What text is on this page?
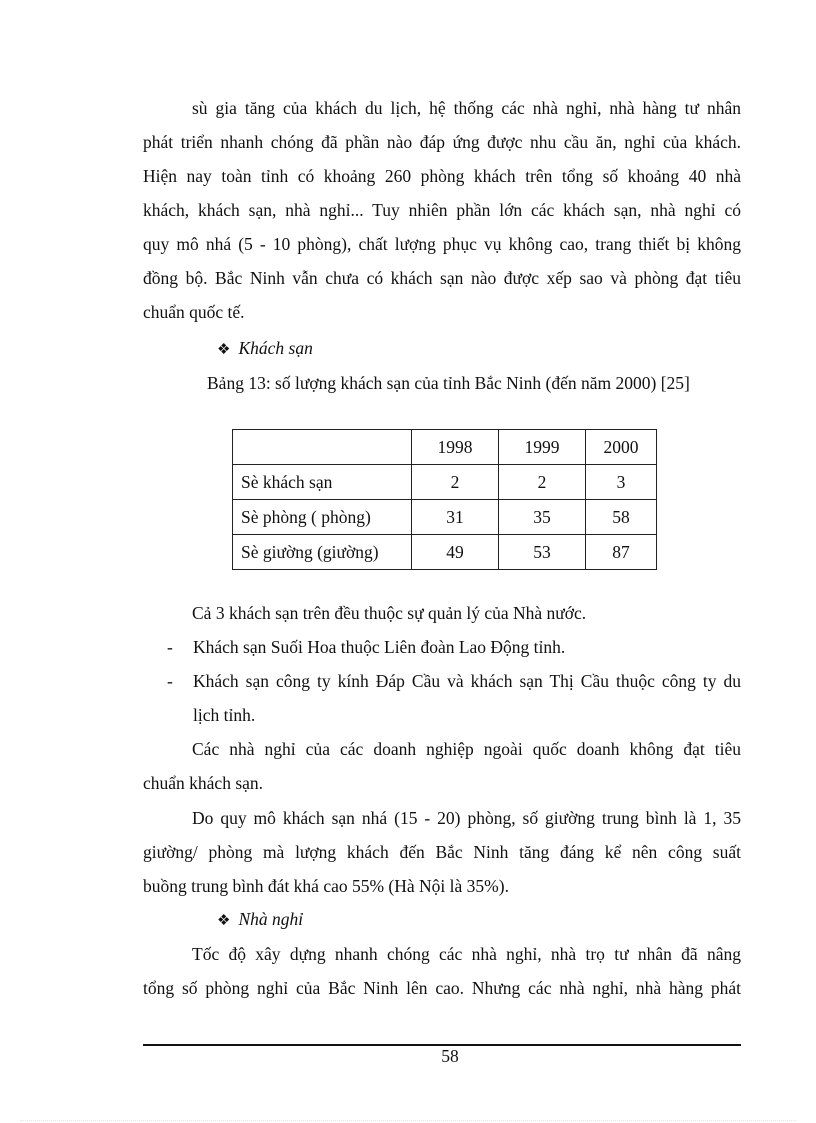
sù gia tăng của khách du lịch, hệ thống các nhà nghỉ, nhà hàng tư nhân
phát triển nhanh chóng đã phần nào đáp ứng được nhu cầu ăn, nghỉ của khách.
Hiện nay toàn tỉnh có khoảng 260 phòng khách trên tổng số khoảng 40 nhà
khách, khách sạn, nhà nghỉ... Tuy nhiên phần lớn các khách sạn, nhà nghỉ có
quy mô nhá (5 - 10 phòng), chất lượng phục vụ không cao, trang thiết bị không
đồng bộ. Bắc Ninh vẫn chưa có khách sạn nào được xếp sao và phòng đạt tiêu
chuẩn quốc tế.
❖ Khách sạn
Bảng 13: số lượng khách sạn của tỉnh Bắc Ninh (đến năm 2000) [25]
	1998	1999	2000
Sè khách sạn	2	2	3
Sè phòng ( phòng)	31	35	58
Sè giường (giường)	49	53	87
Cả 3 khách sạn trên đều thuộc sự quản lý của Nhà nước.
- Khách sạn Suối Hoa thuộc Liên đoàn Lao Động tỉnh.
- Khách sạn công ty kính Đáp Cầu và khách sạn Thị Cầu thuộc công ty du
lịch tỉnh.
Các nhà nghỉ của các doanh nghiệp ngoài quốc doanh không đạt tiêu
chuẩn khách sạn.
Do quy mô khách sạn nhá (15 - 20) phòng, số giường trung bình là 1, 35
giường/ phòng mà lượng khách đến Bắc Ninh tăng đáng kể nên công suất
buồng trung bình đát khá cao 55% (Hà Nội là 35%).
❖ Nhà nghỉ
Tốc độ xây dựng nhanh chóng các nhà nghỉ, nhà trọ tư nhân đã nâng
tổng số phòng nghỉ của Bắc Ninh lên cao. Nhưng các nhà nghỉ, nhà hàng phát
58
